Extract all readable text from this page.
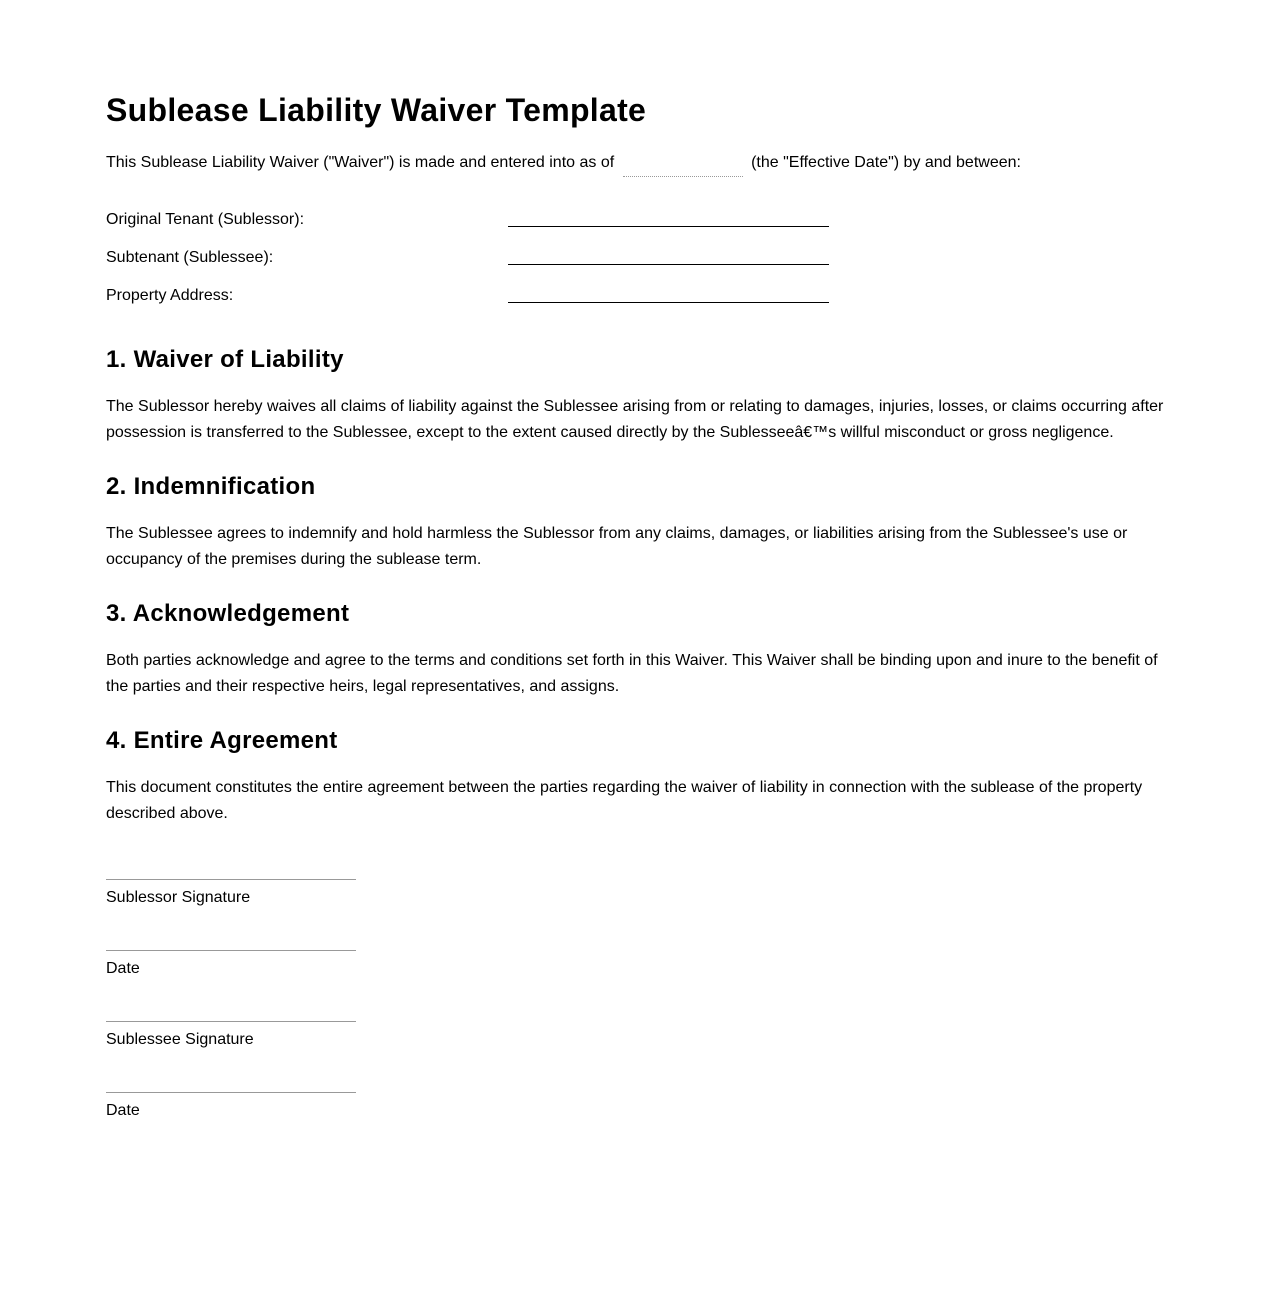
Sublease Liability Waiver Template

This Sublease Liability Waiver ("Waiver") is made and entered into as of	(the "Effective Date") by and between:

Original Tenant (Sublessor):
Subtenant (Sublessee):
Property Address:
1. Waiver of Liability

The Sublessor hereby waives all claims of liability against the Sublessee arising from or relating to damages, injuries, losses, or claims occurring after possession is transferred to the Sublessee, except to the extent caused directly by the Sublesseeâ€™s willful misconduct or gross negligence.

2. Indemnification

The Sublessee agrees to indemnify and hold harmless the Sublessor from any claims, damages, or liabilities arising from the Sublessee's use or occupancy of the premises during the sublease term.

3. Acknowledgement

Both parties acknowledge and agree to the terms and conditions set forth in this Waiver. This Waiver shall be binding upon and inure to the benefit of the parties and their respective heirs, legal representatives, and assigns.

4. Entire Agreement

This document constitutes the entire agreement between the parties regarding the waiver of liability in connection with the sublease of the property described above.

Sublessor Signature
Date
Sublessee Signature
Date
